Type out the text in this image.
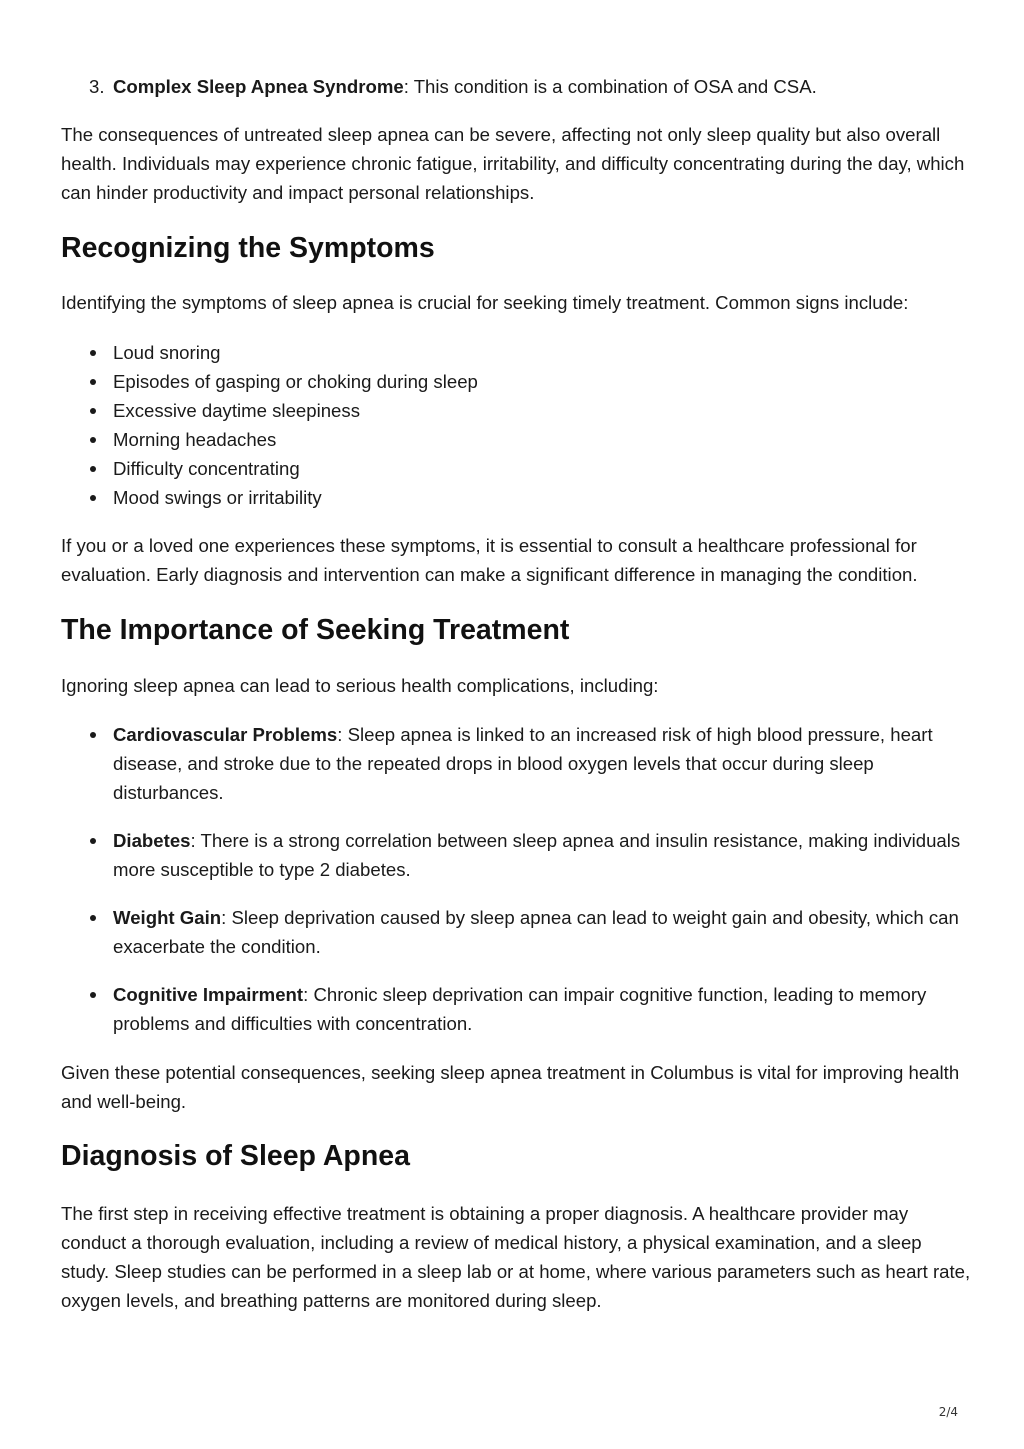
3. Complex Sleep Apnea Syndrome: This condition is a combination of OSA and CSA.

The consequences of untreated sleep apnea can be severe, affecting not only sleep quality but also overall health. Individuals may experience chronic fatigue, irritability, and difficulty concentrating during the day, which can hinder productivity and impact personal relationships.

Recognizing the Symptoms

Identifying the symptoms of sleep apnea is crucial for seeking timely treatment. Common signs include:

Loud snoring
Episodes of gasping or choking during sleep
Excessive daytime sleepiness
Morning headaches
Difficulty concentrating
Mood swings or irritability

If you or a loved one experiences these symptoms, it is essential to consult a healthcare professional for evaluation. Early diagnosis and intervention can make a significant difference in managing the condition.

The Importance of Seeking Treatment

Ignoring sleep apnea can lead to serious health complications, including:

Cardiovascular Problems: Sleep apnea is linked to an increased risk of high blood pressure, heart disease, and stroke due to the repeated drops in blood oxygen levels that occur during sleep disturbances.
Diabetes: There is a strong correlation between sleep apnea and insulin resistance, making individuals more susceptible to type 2 diabetes.
Weight Gain: Sleep deprivation caused by sleep apnea can lead to weight gain and obesity, which can exacerbate the condition.
Cognitive Impairment: Chronic sleep deprivation can impair cognitive function, leading to memory problems and difficulties with concentration.

Given these potential consequences, seeking sleep apnea treatment in Columbus is vital for improving health and well-being.

Diagnosis of Sleep Apnea

The first step in receiving effective treatment is obtaining a proper diagnosis. A healthcare provider may conduct a thorough evaluation, including a review of medical history, a physical examination, and a sleep study. Sleep studies can be performed in a sleep lab or at home, where various parameters such as heart rate, oxygen levels, and breathing patterns are monitored during sleep.

2/4
